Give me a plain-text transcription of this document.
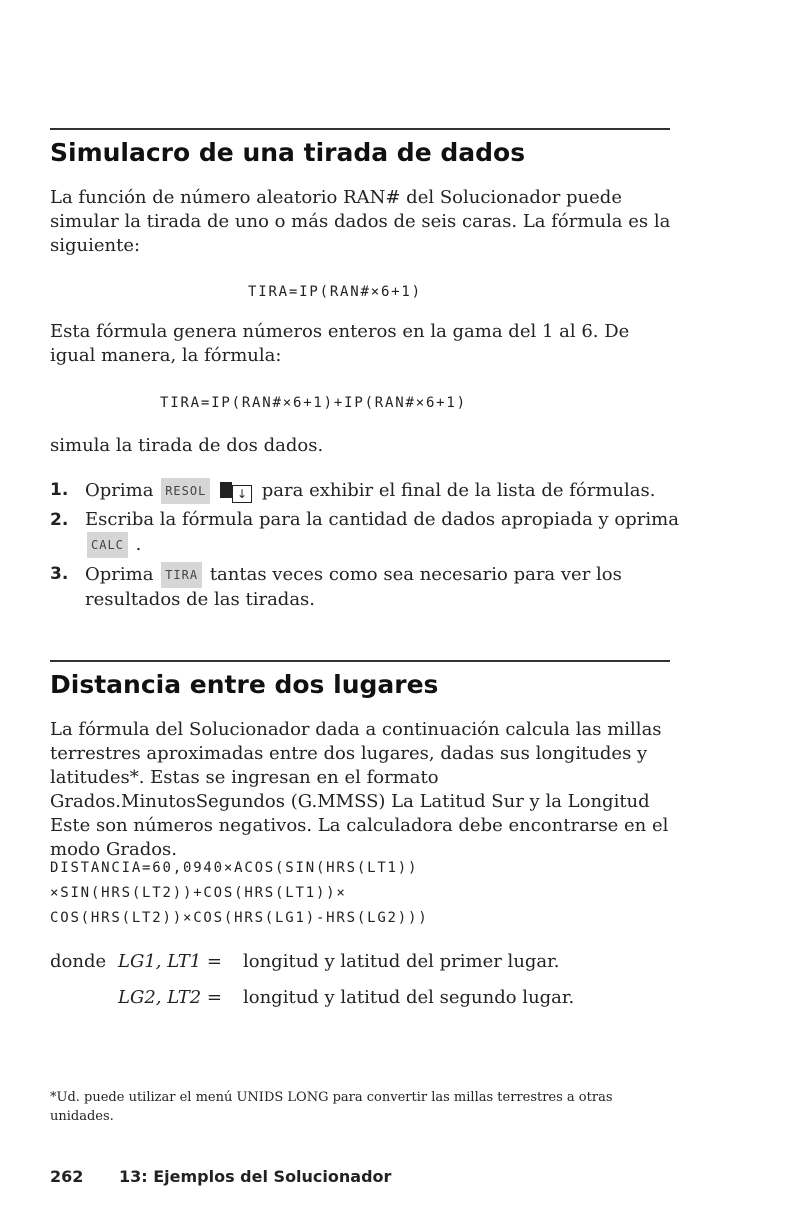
Simulacro de una tirada de dados

La función de número aleatorio RAN# del Solucionador puede simular la tirada de uno o más dados de seis caras. La fórmula es la siguiente:

TIRA=IP(RAN#×6+1)

Esta fórmula genera números enteros en la gama del 1 al 6. De igual manera, la fórmula:

TIRA=IP(RAN#×6+1)+IP(RAN#×6+1)

simula la tirada de dos dados.

1. Oprima RESOL	↓ para exhibir el final de la lista de fórmulas.
2. Escriba la fórmula para la cantidad de dados apropiada y oprima
CALC .
3. Oprima TIRA tantas veces como sea necesario para ver los resultados de las tiradas.
Distancia entre dos lugares

La fórmula del Solucionador dada a continuación calcula las millas terrestres aproximadas entre dos lugares, dadas sus longitudes y latitudes*. Estas se ingresan en el formato Grados.MinutosSegundos (G.MMSS) La Latitud Sur y la Longitud Este son números negativos. La calculadora debe encontrarse en el modo Grados.

DISTANCIA=60,0940×ACOS(SIN(HRS(LT1))
×SIN(HRS(LT2))+COS(HRS(LT1))×
COS(HRS(LT2))×COS(HRS(LG1)-HRS(LG2)))
donde LG1, LT1 = longitud y latitud del primer lugar.
LG2, LT2 = longitud y latitud del segundo lugar.

*Ud. puede utilizar el menú UNIDS LONG para convertir las millas terrestres a otras unidades.

262 13: Ejemplos del Solucionador
